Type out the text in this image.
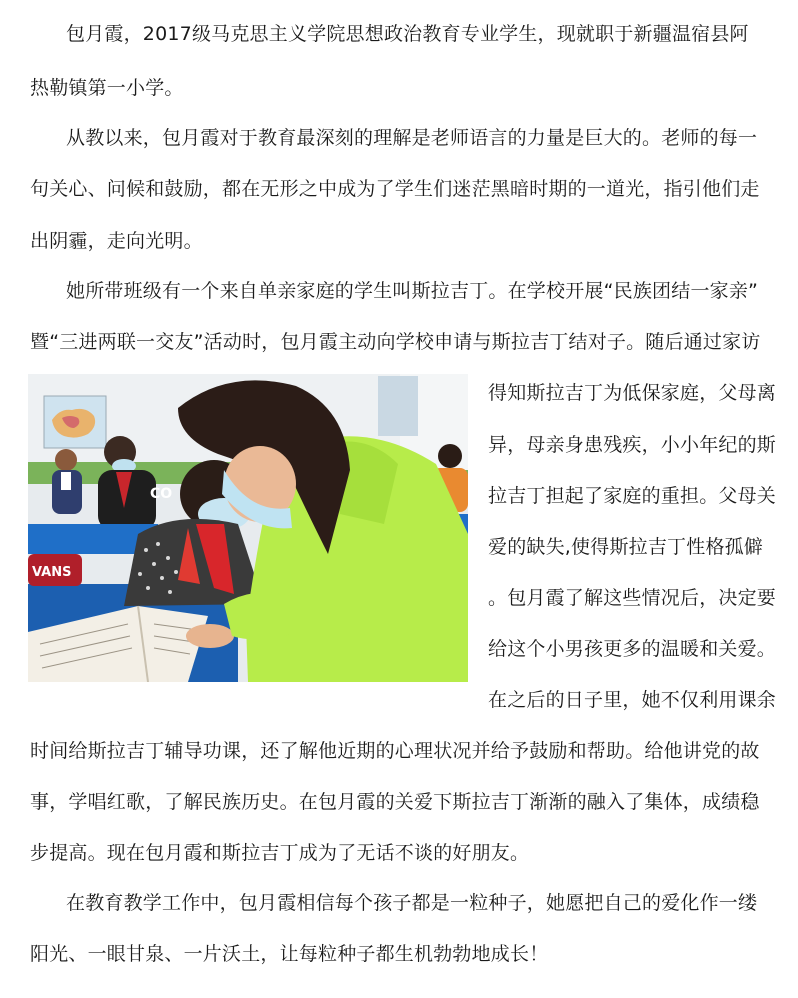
包月霞，2017级马克思主义学院思想政治教育专业学生，现就职于新疆温宿县阿
热勒镇第一小学。
从教以来，包月霞对于教育最深刻的理解是老师语言的力量是巨大的。老师的每一
句关心、问候和鼓励，都在无形之中成为了学生们迷茫黑暗时期的一道光，指引他们走
出阴霾，走向光明。
她所带班级有一个来自单亲家庭的学生叫斯拉吉丁。在学校开展“民族团结一家亲”
暨“三进两联一交友”活动时，包月霞主动向学校申请与斯拉吉丁结对子。随后通过家访
得知斯拉吉丁为低保家庭，父母离
异，母亲身患残疾，小小年纪的斯
拉吉丁担起了家庭的重担。父母关
爱的缺失,使得斯拉吉丁性格孤僻
。包月霞了解这些情况后，决定要
给这个小男孩更多的温暖和关爱。
在之后的日子里，她不仅利用课余
时间给斯拉吉丁辅导功课，还了解他近期的心理状况并给予鼓励和帮助。给他讲党的故
事，学唱红歌，了解民族历史。在包月霞的关爱下斯拉吉丁渐渐的融入了集体，成绩稳
步提高。现在包月霞和斯拉吉丁成为了无话不谈的好朋友。
在教育教学工作中，包月霞相信每个孩子都是一粒种子，她愿把自己的爱化作一缕
阳光、一眼甘泉、一片沃土，让每粒种子都生机勃勃地成长！
CO
VANS
